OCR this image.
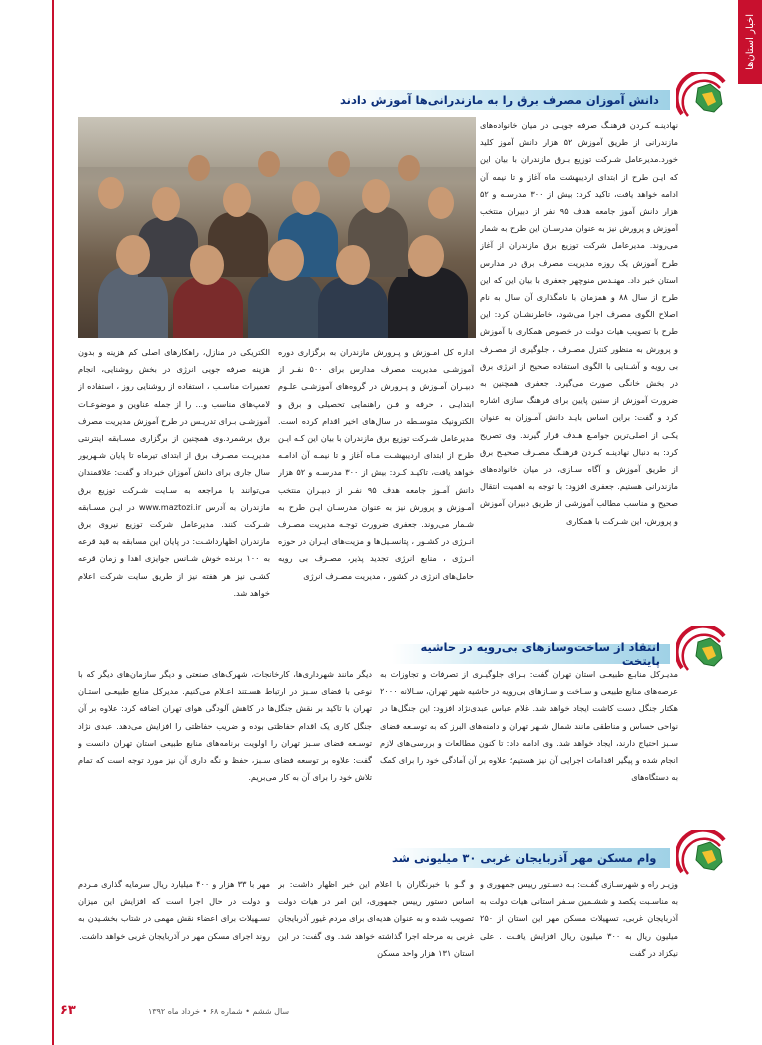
اخبار استان‌ها
دانش آموزان مصرف برق را به مازندرانی‌ها آموزش دادند

نهادینـه کـردن فرهنـگ صرفه جویـی در میان خانواده‌های مازندرانی از طریق آموزش ۵۲ هزار دانش آموز کلید خورد.مدیرعامل شـرکت توزیع بـرق مازندران با بیان این که ایـن طرح از ابتدای اردیبهشت ماه آغاز و تا نیمه آن ادامه خواهد یافت، تاکید کرد: بیش از ۳۰۰ مدرسـه و ۵۲ هزار دانش آموز جامعه هدف ۹۵ نفر از دبیران منتخب آموزش و پرورش نیز به عنوان مدرسـان این طرح به شمار می‌روند. مدیرعامل شرکت توزیع برق مازندران از آغاز طرح آموزش یک روزه مدیریت مصرف برق در مدارس استان خبر داد. مهنـدس منوچهر جعفری با بیان این که این طرح از سال ۸۸ و همزمان با نامگذاری آن سال به نام اصلاح الگوی مصرف اجرا می‌شود، خاطرنشـان کرد: این طرح با تصویب هیات دولت در خصوص همکاری با آموزش و پرورش به منظور کنترل مصـرف ، جلوگیری از مصـرف بی رویه و آشـنایی با الگوی استفاده صحیح از انرژی برق در بخش خانگی صورت می‌گیرد. جعفری همچنین به ضرورت آموزش از سنین پایین برای فرهنگ سازی اشاره کرد و گفت: براین اساس بایـد دانش آمـوزان به عنوان یکـی از اصلی‌ترین جوامـع هـدف قرار گیرند. وی تصریح کرد: به دنبال نهادینـه کـردن فرهنـگ مصـرف صحیـح برق از طریق آموزش و آگاه سـازی، در میان خانواده‌های مازندرانی هستیم. جعفری افزود: با توجه به اهمیت انتقال صحیح و مناسب مطالب آموزشی از طریق دبیران آموزش و پرورش، این شـرکت با همکاری

اداره کل امـوزش و پـرورش مازندران به برگزاری دوره آموزشـی مدیریت مصرف مدارس برای ۵۰۰ نفـر از دبیـران آمـوزش و پـرورش در گروه‌های آموزشـی علـوم ابتدایـی ، حرفه و فـن راهنمایی تحصیلی و برق و الکترونیک متوسـطه در سال‌های اخیر اقدام کرده است. مدیرعامل شـرکت توزیع برق مازندران با بیان این کـه ایـن طرح از ابتدای اردیبهشـت مـاه آغاز و تا نیمـه آن ادامـه خواهد یافت، تاکیـد کـرد: بیش از ۳۰۰ مدرسـه و ۵۲ هزار دانش آمـوز جامعه هدف ۹۵ نفـر از دبیـران منتخب آمـوزش و پرورش نیز به عنوان مدرسـان ایـن طرح به شـمار می‌روند. جعفری ضرورت توجـه مدیریت مصـرف انـرژی در کشـور ، پتانسـیل‌ها و مزیت‌های ایـران در حوزه انـرژی ، منابع انرژی تجدید پذیر، مصـرف بی رویه حامل‌های انرژی در کشور ، مدیریت مصـرف انرژی

الکتریکی در منازل، راهکارهای اصلی کم هزینه و بدون هزینه صرفه جویی انرژی در بخش روشنایی، انجام تعمیرات مناسـب ، استفاده از روشنایی روز ، استفاده از لامپ‌های مناسب و... را از جمله عناوین و موضوعـات آموزشـی بـرای تدریـس در طرح آموزش مدیریت مصرف برق برشمرد.وی همچنین از برگزاری مسـابقه اینترنتی مدیریـت مصـرف برق از ابتدای تیرماه تا پایان شـهریور سال جاری برای دانش آموزان خبرداد و گفت: علاقمندان می‌توانند با مراجعه به سـایت شـرکت توزیع برق مازندران به آدرس www.maztozi.ir در ایـن مسـابقه شـرکت کنند. مدیرعامل شرکت توزیع نیروی برق مازندران اظهارداشـت: در پایان این مسابقه به قید قرعه به ۱۰۰ برنده خوش شـانس جوایزی اهدا و زمان قرعه کشـی نیز هر هفته نیز از طریق سایت شرکت اعلام خواهد شد.

انتقاد از ساخت‌وسازهای بی‌رویه در حاشیه پایتخت

مدیـرکل منابـع طبیعـی استان تهران گفت: بـرای جلوگیـری از تصرفات و تجاوزات به عرصه‌های منابع طبیعی و سـاخت و سـازهای بی‌رویه در حاشیه شهر تهران، سـالانه ۲۰۰۰ هکتار جنگل دست کاشت ایجاد خواهد شد. غلام عباس عبدی‌نژاد افزود: این جنگل‌ها در نواحی حساس و مناطقی مانند شمال شـهر تهران و دامنه‌های البرز که به توسـعه فضای سـبز احتیاج دارند، ایجاد خواهد شد. وی ادامه داد: تا کنون مطالعات و بررسی‌های لازم انجام شده و پیگیر اقدامات اجرایی آن نیز هستیم؛ علاوه بر آن آمادگی خود را برای کمک به دستگاه‌های

دیگر مانند شهرداری‌ها، کارخانجات، شهرک‌های صنعتی و دیگر سازمان‌های دیگر که با نوعی با فضای سـبز در ارتباط هسـتند اعـلام می‌کنیم. مدیرکل منابع طبیعـی استـان تهران با تاکید بر نقش جنگل‌ها در کاهش آلودگی هوای تهران اضافه کرد: علاوه بر آن جنگل کاری یک اقدام حفاظتی بوده و ضریب حفاظتی را افزایش می‌دهد. عبدی نژاد توسـعه فضای سـبز تهران را اولویت برنامه‌های منابع طبیعی استان تهران دانست و گفت: علاوه بر توسعه فضای سـبز، حفظ و نگه داری آن نیز مورد توجه است که تمام تلاش خود را برای آن به کار می‌بریم.

وام مسکن مهر آذربایجان غربی ۳۰ میلیونی شد

وزیـر راه و شهرسـازی گفـت: بـه دسـتور رییس جمهوری و به مناسـبت یکصد و ششـمین سـفر استانی هیات دولت به آذربایجان غربی، تسهیلات مسکن مهر این استان از ۲۵۰ میلیون ریال به ۳۰۰ میلیون ریال افزایش یافـت . علی نیکزاد در گفت

و گـو با خبرنگاران با اعلام این خبر اظهار داشت: بر اساس دستور رییس جمهوری، این امر در هیات دولت تصویب شده و به عنوان هدیه‌ای برای مردم غیور آذربایجان غربی به مرحله اجرا گذاشته خواهد شد. وی گفت: در این استان ۱۳۱ هزار واحد مسکن

مهر با ۳۳ هزار و ۴۰۰ میلیارد ریال سرمایه گذاری مـردم و دولت در حال اجرا است که افزایش این میزان تسـهیلات برای اعضاء نقش مهمی در شتاب بخشـیدن به روند اجرای مسکن مهر در آذربایجان غربی خواهد داشت.

۶۳	سال ششم • شماره ۶۸ • خرداد ماه ۱۳۹۲
